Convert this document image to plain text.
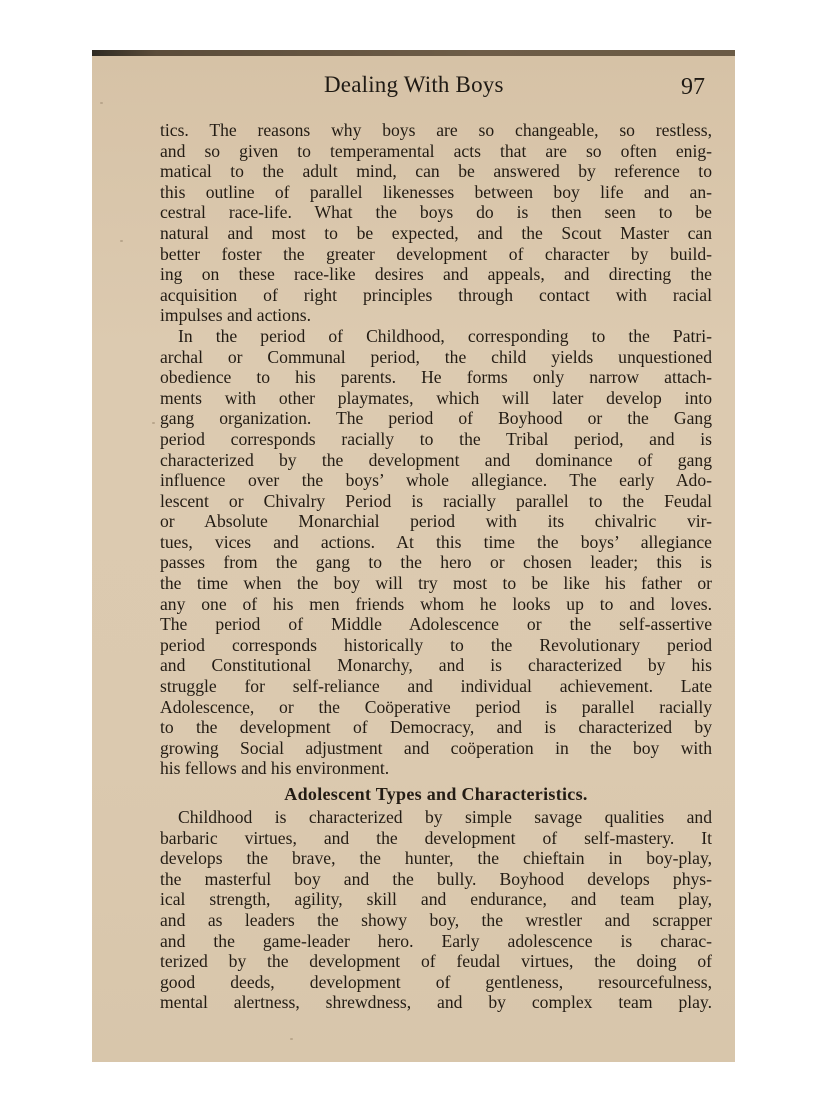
Dealing With Boys	97
tics. The reasons why boys are so changeable, so restless,
and so given to temperamental acts that are so often enig-
matical to the adult mind, can be answered by reference to
this outline of parallel likenesses between boy life and an-
cestral race-life. What the boys do is then seen to be
natural and most to be expected, and the Scout Master can
better foster the greater development of character by build-
ing on these race-like desires and appeals, and directing the
acquisition of right principles through contact with racial
impulses and actions.
In the period of Childhood, corresponding to the Patri-
archal or Communal period, the child yields unquestioned
obedience to his parents. He forms only narrow attach-
ments with other playmates, which will later develop into
gang organization. The period of Boyhood or the Gang
period corresponds racially to the Tribal period, and is
characterized by the development and dominance of gang
influence over the boys’ whole allegiance. The early Ado-
lescent or Chivalry Period is racially parallel to the Feudal
or Absolute Monarchial period with its chivalric vir-
tues, vices and actions. At this time the boys’ allegiance
passes from the gang to the hero or chosen leader; this is
the time when the boy will try most to be like his father or
any one of his men friends whom he looks up to and loves.
The period of Middle Adolescence or the self-assertive
period corresponds historically to the Revolutionary period
and Constitutional Monarchy, and is characterized by his
struggle for self-reliance and individual achievement. Late
Adolescence, or the Coöperative period is parallel racially
to the development of Democracy, and is characterized by
growing Social adjustment and coöperation in the boy with
his fellows and his environment.
Adolescent Types and Characteristics.
Childhood is characterized by simple savage qualities and
barbaric virtues, and the development of self-mastery. It
develops the brave, the hunter, the chieftain in boy-play,
the masterful boy and the bully. Boyhood develops phys-
ical strength, agility, skill and endurance, and team play,
and as leaders the showy boy, the wrestler and scrapper
and the game-leader hero. Early adolescence is charac-
terized by the development of feudal virtues, the doing of
good deeds, development of gentleness, resourcefulness,
mental alertness, shrewdness, and by complex team play.
